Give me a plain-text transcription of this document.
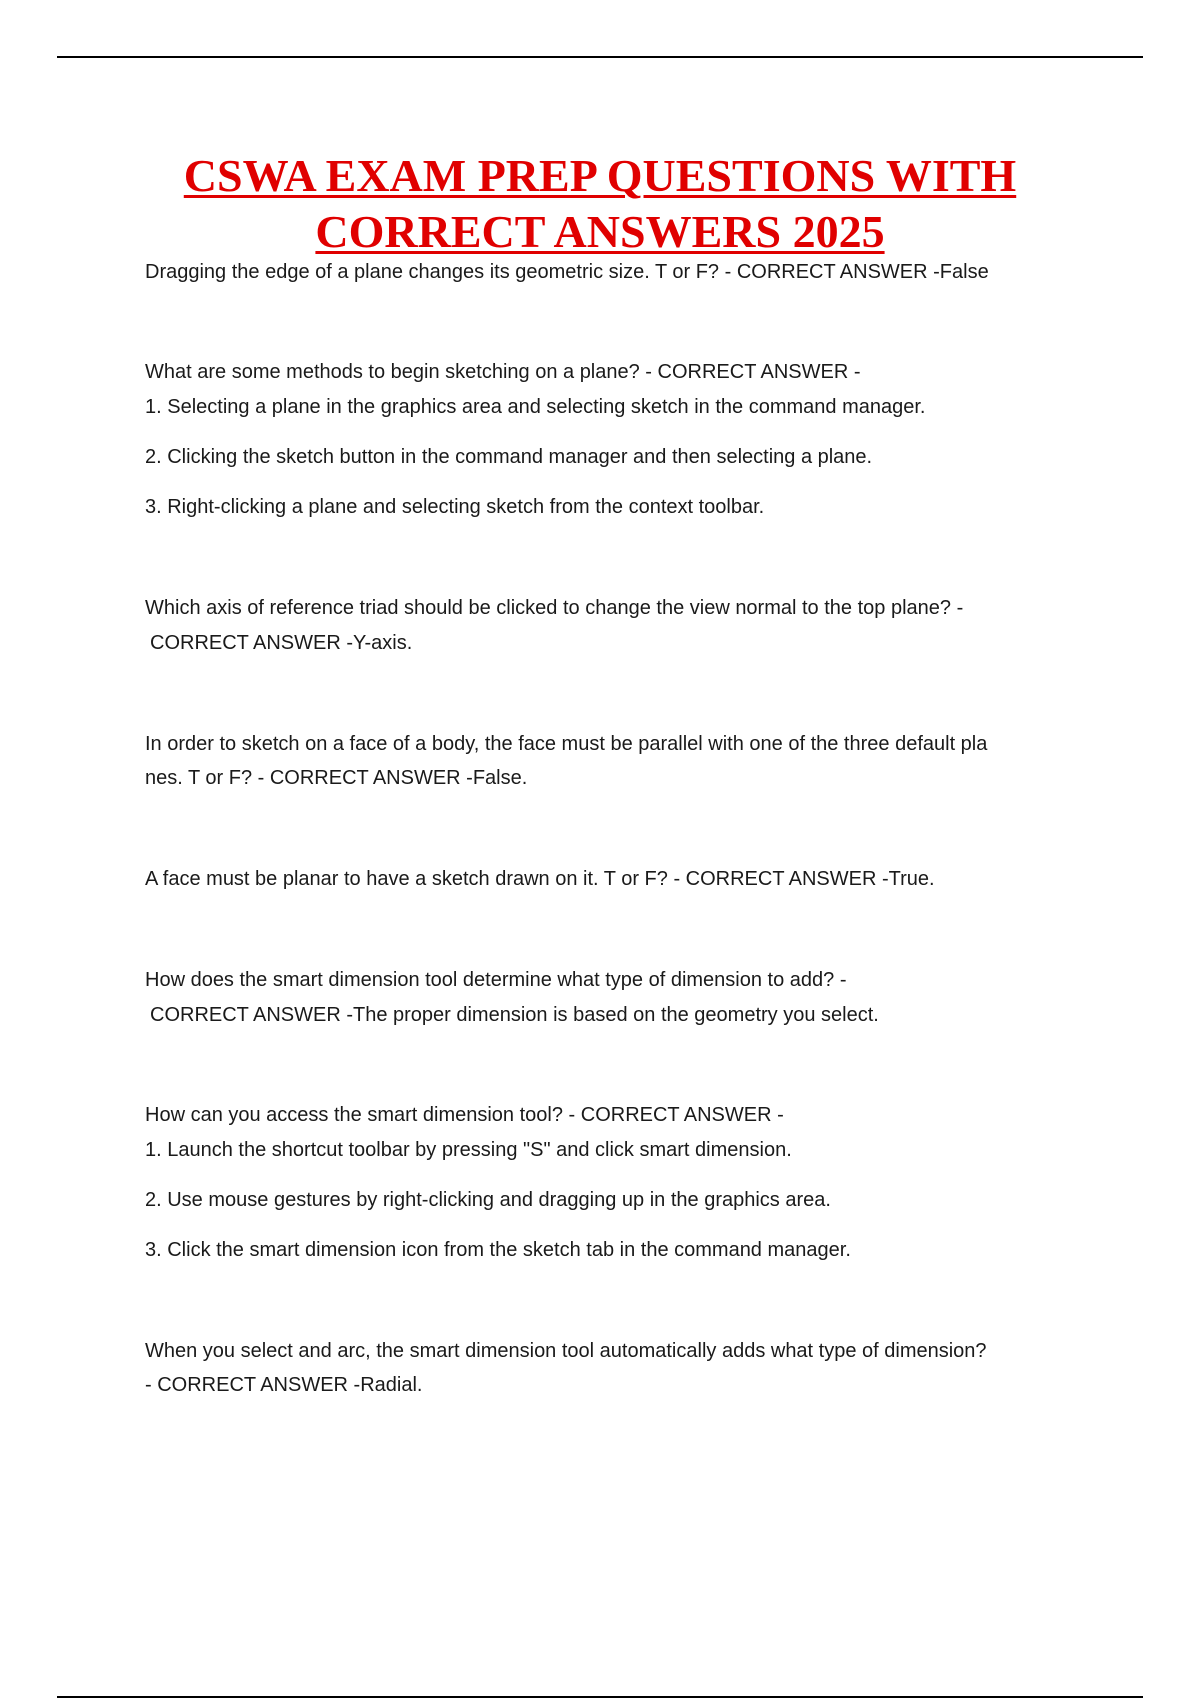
CSWA EXAM PREP QUESTIONS WITH
CORRECT ANSWERS 2025
Dragging the edge of a plane changes its geometric size. T or F? - CORRECT ANSWER -False
What are some methods to begin sketching on a plane? - CORRECT ANSWER -
1. Selecting a plane in the graphics area and selecting sketch in the command manager.
2. Clicking the sketch button in the command manager and then selecting a plane.
3. Right-clicking a plane and selecting sketch from the context toolbar.
Which axis of reference triad should be clicked to change the view normal to the top plane? -
CORRECT ANSWER -Y-axis.
In order to sketch on a face of a body, the face must be parallel with one of the three default pla
nes. T or F? - CORRECT ANSWER -False.
A face must be planar to have a sketch drawn on it. T or F? - CORRECT ANSWER -True.
How does the smart dimension tool determine what type of dimension to add? -
CORRECT ANSWER -The proper dimension is based on the geometry you select.
How can you access the smart dimension tool? - CORRECT ANSWER -
1. Launch the shortcut toolbar by pressing "S" and click smart dimension.
2. Use mouse gestures by right-clicking and dragging up in the graphics area.
3. Click the smart dimension icon from the sketch tab in the command manager.
When you select and arc, the smart dimension tool automatically adds what type of dimension?
- CORRECT ANSWER -Radial.
